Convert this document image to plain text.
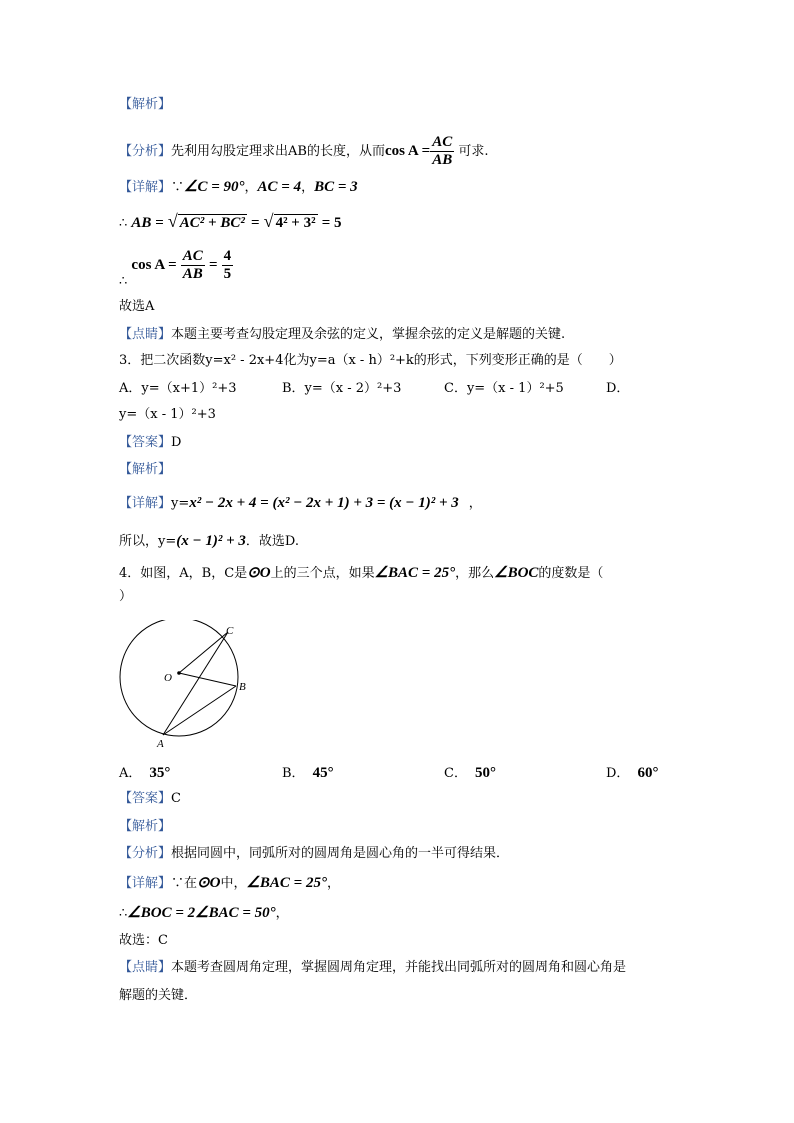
【解析】
【分析】先利用勾股定理求出AB的长度，从而$\cos A = \frac{AC}{AB}$ 可求.
【详解】∵∠C = 90°，AC = 4，BC = 3
∴ AB = √ AC² + BC² = √ 4² + 3² = 5
∴ $\cos A = \frac{AC}{AB} = \frac{4}{5}$
故选A
【点睛】本题主要考查勾股定理及余弦的定义，掌握余弦的定义是解题的关键.
3．把二次函数y=x² - 2x+4化为y=a（x - h）²+k的形式，下列变形正确的是（　　）
A．y=（x+1）²+3	B．y=（x - 2）²+3	C．y=（x - 1）²+5	D．
y=（x - 1）²+3
【答案】D
【解析】
【详解】y=x² − 2x + 4 = (x² − 2x + 1) + 3 = (x − 1)² + 3 ，
所以，y=(x − 1)² + 3．故选D.
4．如图，A，B，C是⊙O上的三个点，如果∠BAC = 25°，那么∠BOC的度数是（
）
C
O
B
A
A． 35°	B． 45°	C． 50°	D． 60°
【答案】C
【解析】
【分析】根据同圆中，同弧所对的圆周角是圆心角的一半可得结果．
【详解】∵在⊙O中，∠BAC = 25°，
∴∠BOC = 2∠BAC = 50°，
故选：C
【点睛】本题考查圆周角定理，掌握圆周角定理，并能找出同弧所对的圆周角和圆心角是
解题的关键．
